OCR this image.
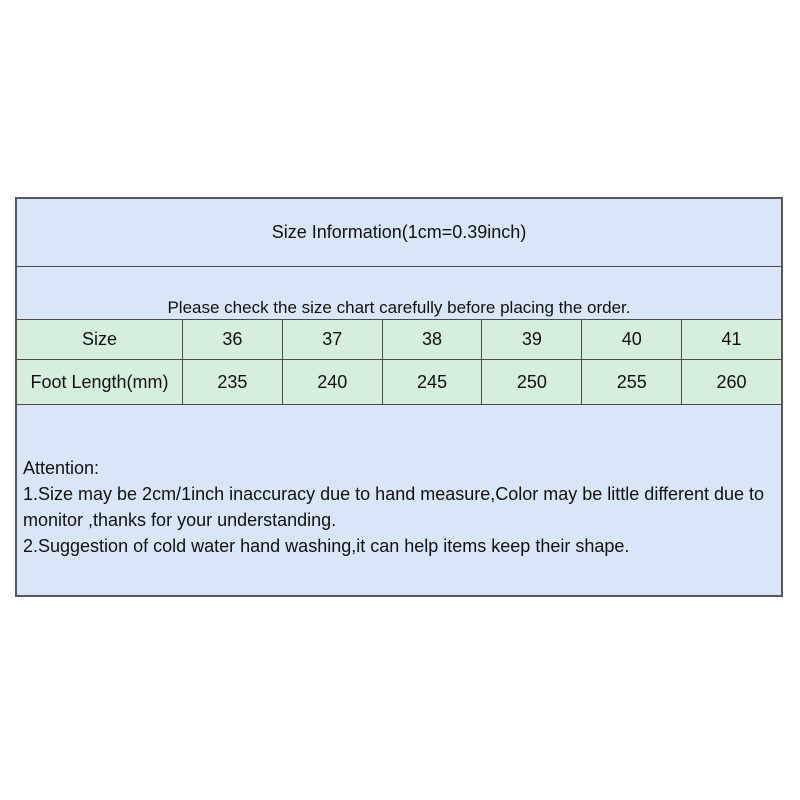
Size Information(1cm=0.39inch)
Please check the size chart carefully before placing the order.
Size	36	37	38	39	40	41
Foot Length(mm)	235	240	245	250	255	260

Attention:

1.Size may be 2cm/1inch inaccuracy due to hand measure,Color may be little different due to monitor ,thanks for your understanding.

2.Suggestion of cold water hand washing,it can help items keep their shape.
